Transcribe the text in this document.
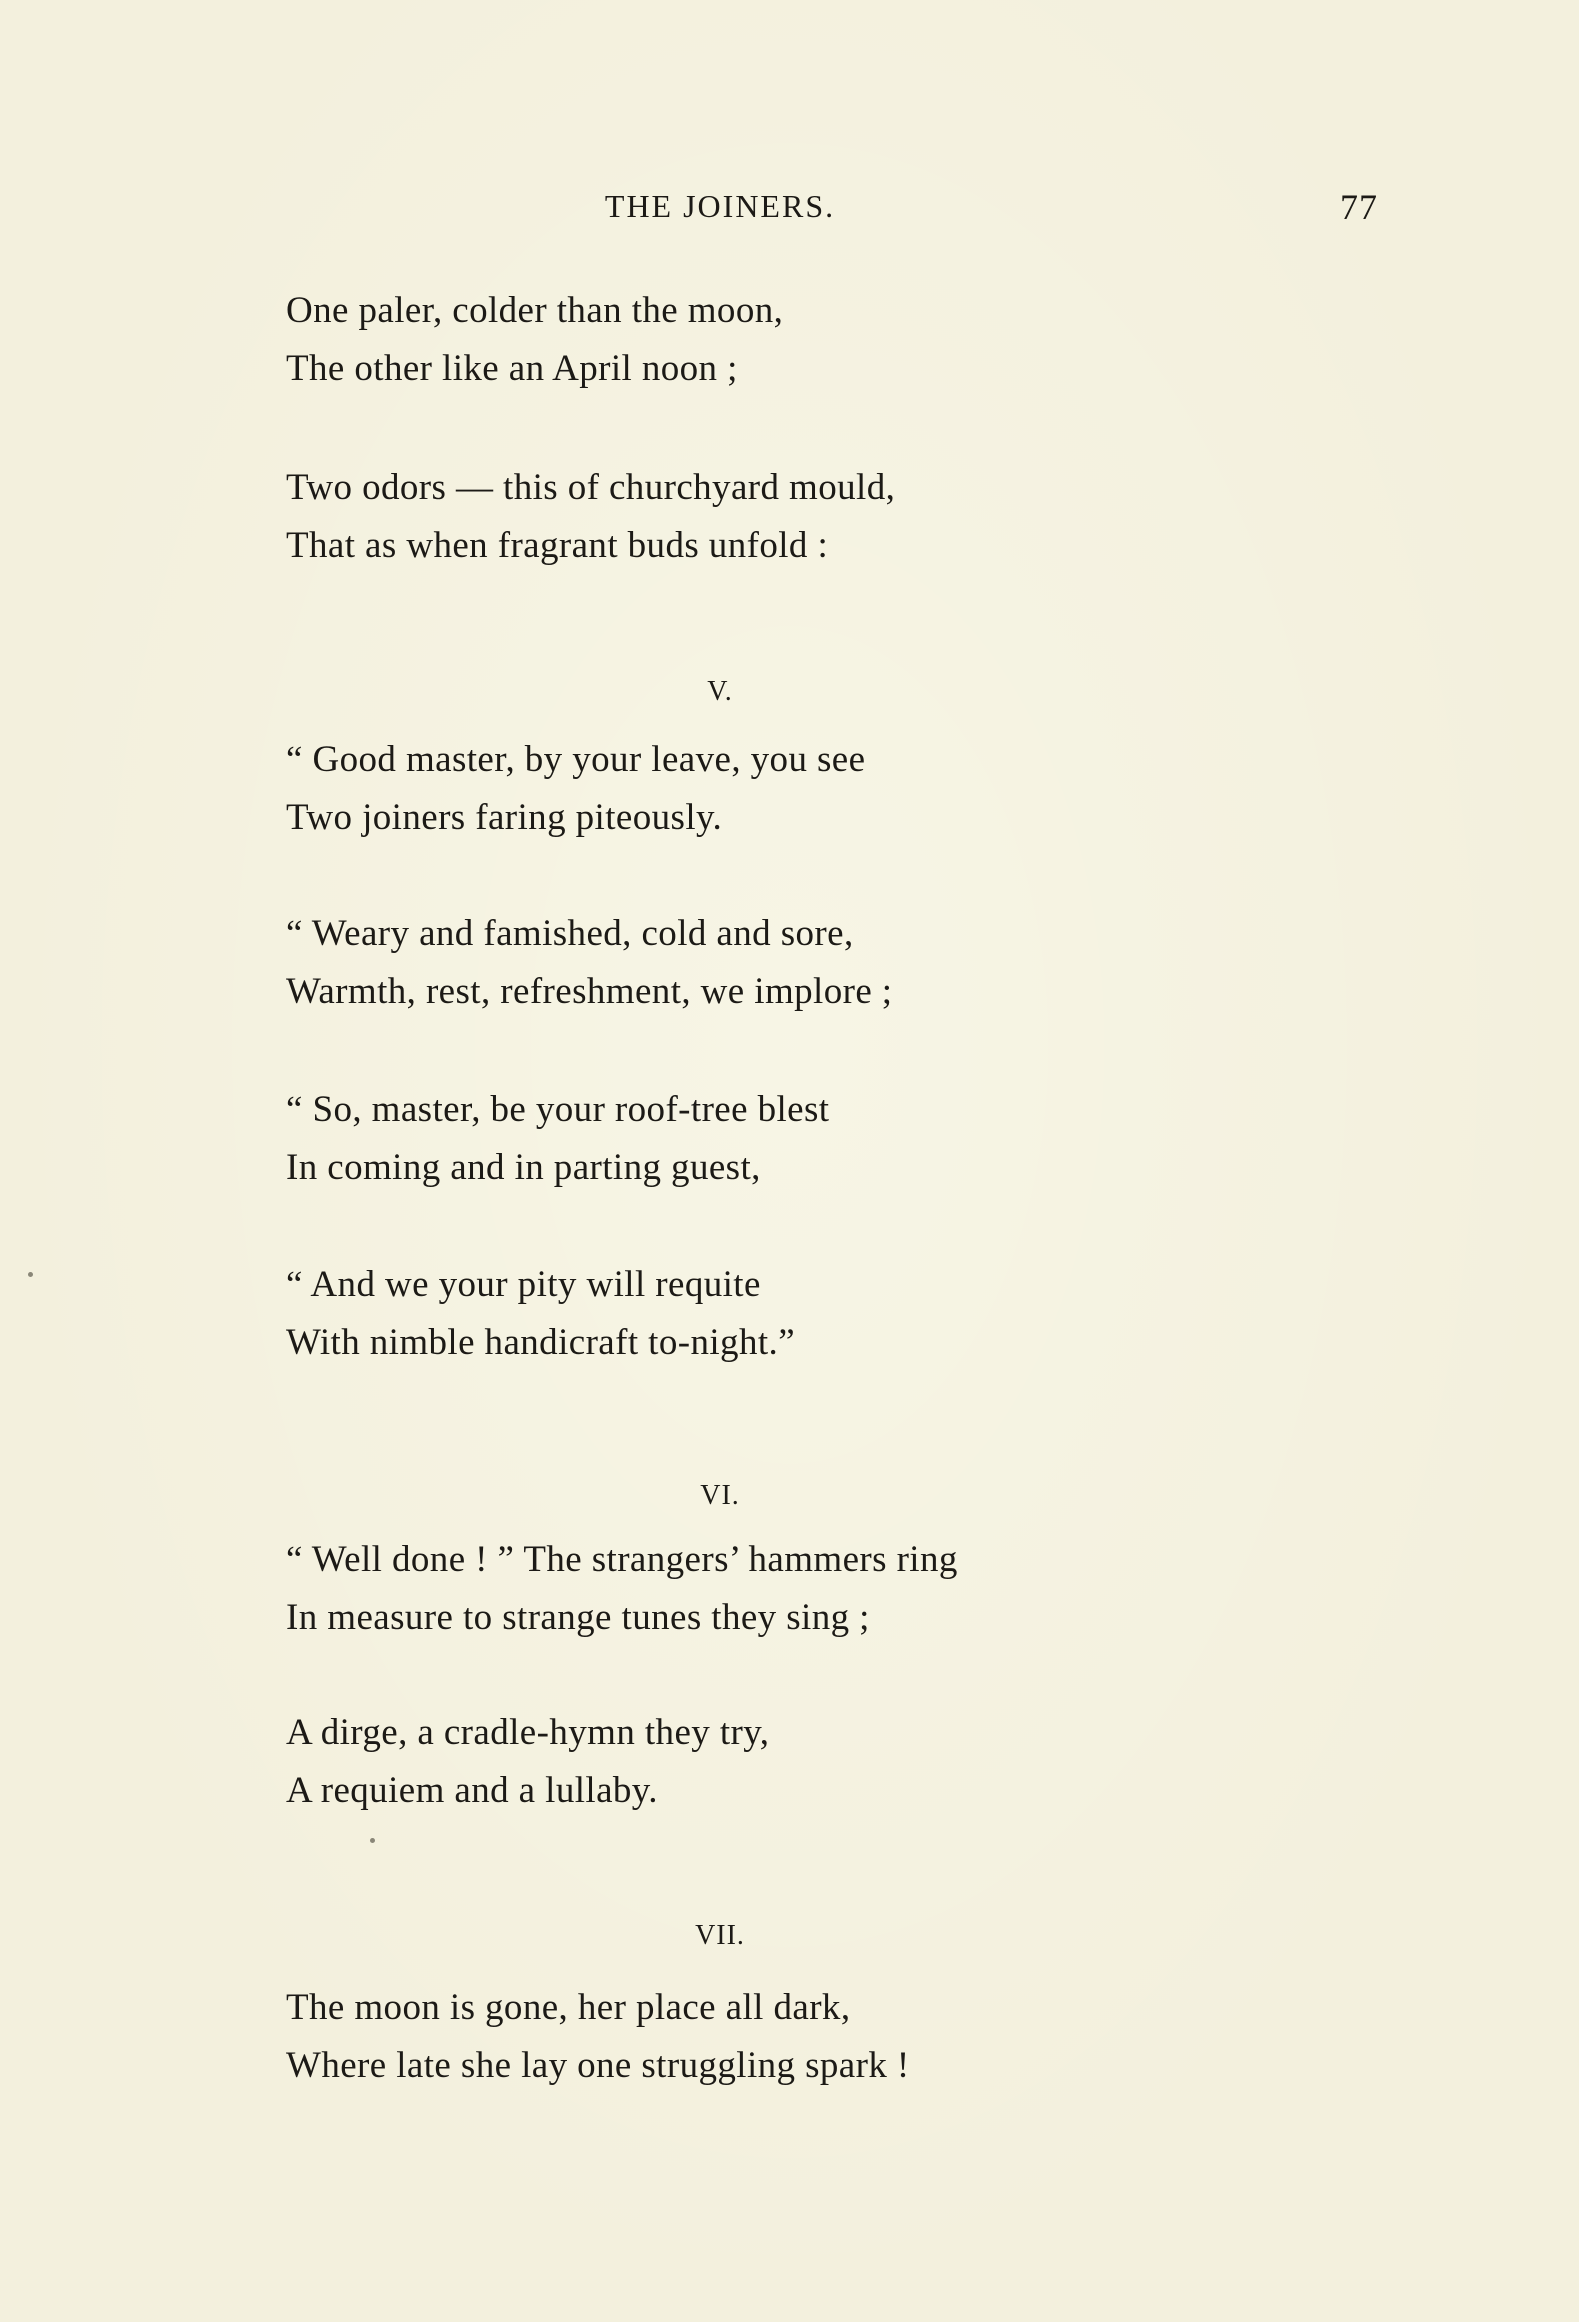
THE JOINERS.	77
One paler, colder than the moon,
The other like an April noon ;
Two odors — this of churchyard mould,
That as when fragrant buds unfold :
V.
“ Good master, by your leave, you see
Two joiners faring piteously.
“ Weary and famished, cold and sore,
Warmth, rest, refreshment, we implore ;
“ So, master, be your roof-tree blest
In coming and in parting guest,
“ And we your pity will requite
With nimble handicraft to-night.”
VI.
“ Well done ! ” The strangers’ hammers ring
In measure to strange tunes they sing ;
A dirge, a cradle-hymn they try,
A requiem and a lullaby.
VII.
The moon is gone, her place all dark,
Where late she lay one struggling spark !
